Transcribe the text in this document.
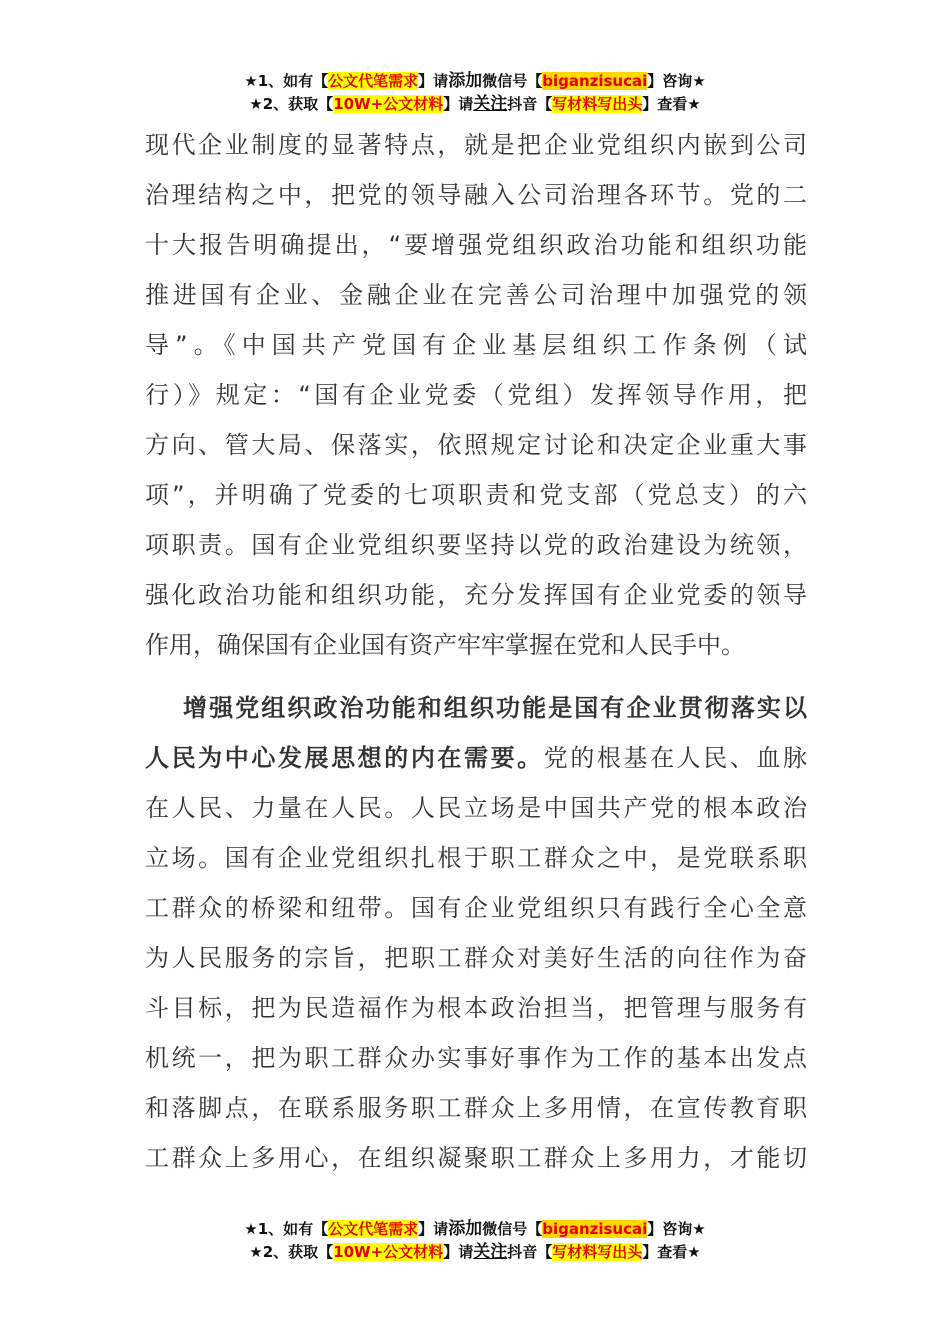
★1、如有【公文代笔需求】请添加微信号【biganzisucai】咨询★
★2、获取【10W+公文材料】请关注抖音【写材料写出头】查看★

现代企业制度的显著特点，就是把企业党组织内嵌到公司

治理结构之中，把党的领导融入公司治理各环节。党的二

十大报告明确提出，“要增强党组织政治功能和组织功能

推进国有企业、金融企业在完善公司治理中加强党的领

导”。《中国共产党国有企业基层组织工作条例（试

行）》规定：“国有企业党委（党组）发挥领导作用，把

方向、管大局、保落实，依照规定讨论和决定企业重大事

项”，并明确了党委的七项职责和党支部（党总支）的六

项职责。国有企业党组织要坚持以党的政治建设为统领，

强化政治功能和组织功能，充分发挥国有企业党委的领导

作用，确保国有企业国有资产牢牢掌握在党和人民手中。

增强党组织政治功能和组织功能是国有企业贯彻落实以

人民为中心发展思想的内在需要。党的根基在人民、血脉

在人民、力量在人民。人民立场是中国共产党的根本政治

立场。国有企业党组织扎根于职工群众之中，是党联系职

工群众的桥梁和纽带。国有企业党组织只有践行全心全意

为人民服务的宗旨，把职工群众对美好生活的向往作为奋

斗目标，把为民造福作为根本政治担当，把管理与服务有

机统一，把为职工群众办实事好事作为工作的基本出发点

和落脚点，在联系服务职工群众上多用情，在宣传教育职

工群众上多用心，在组织凝聚职工群众上多用力，才能切

★1、如有【公文代笔需求】请添加微信号【biganzisucai】咨询★
★2、获取【10W+公文材料】请关注抖音【写材料写出头】查看★
